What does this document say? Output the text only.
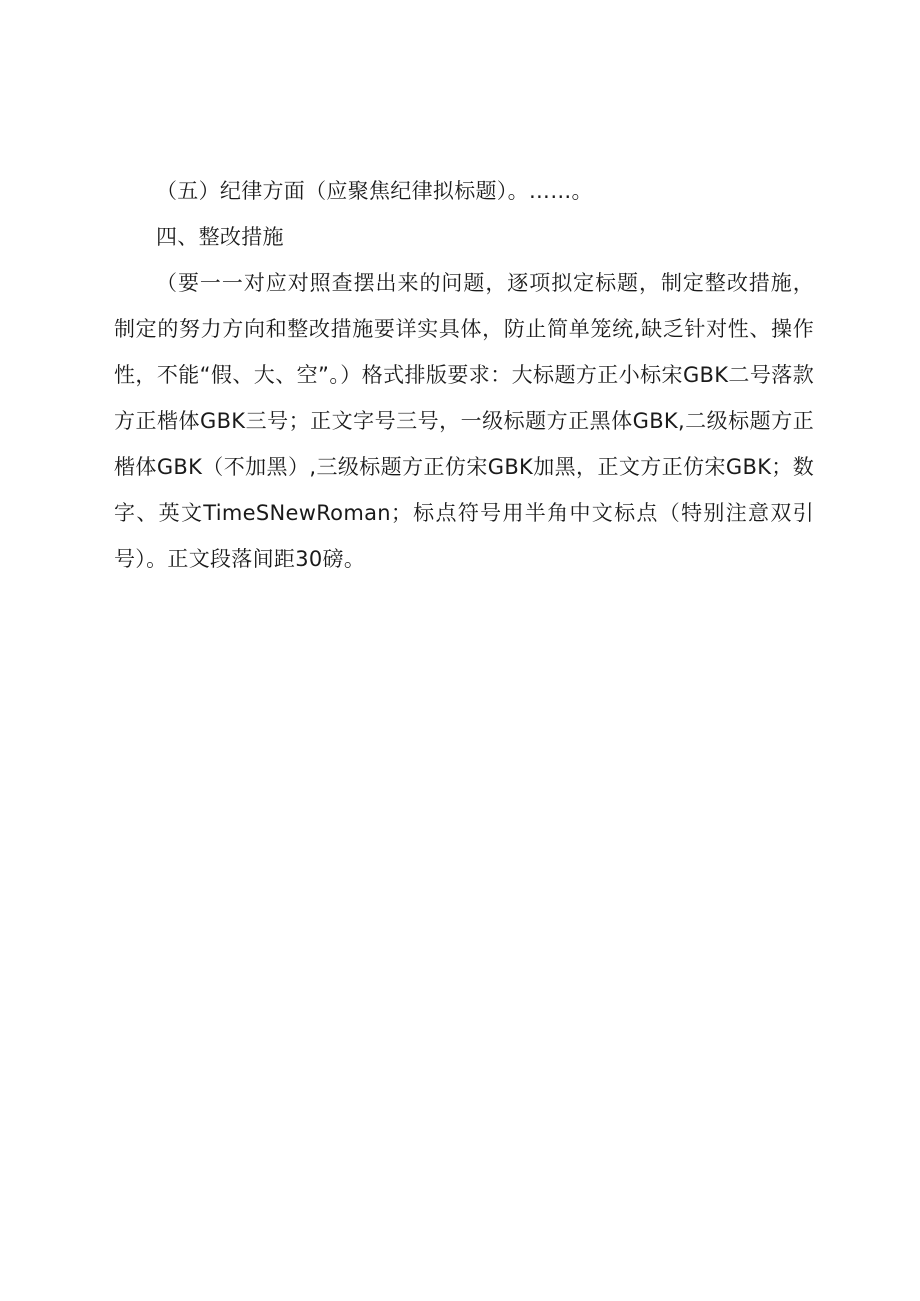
（五）纪律方面（应聚焦纪律拟标题）。……。

四、整改措施

（要一一对应对照查摆出来的问题，逐项拟定标题，制定整改措施，制定的努力方向和整改措施要详实具体，防止简单笼统,缺乏针对性、操作性，不能“假、大、空”。）格式排版要求：大标题方正小标宋GBK二号落款方正楷体GBK三号；正文字号三号，一级标题方正黑体GBK,二级标题方正楷体GBK（不加黑）,三级标题方正仿宋GBK加黑，正文方正仿宋GBK；数字、英文TimeSNewRoman；标点符号用半角中文标点（特别注意双引号）。正文段落间距30磅。
